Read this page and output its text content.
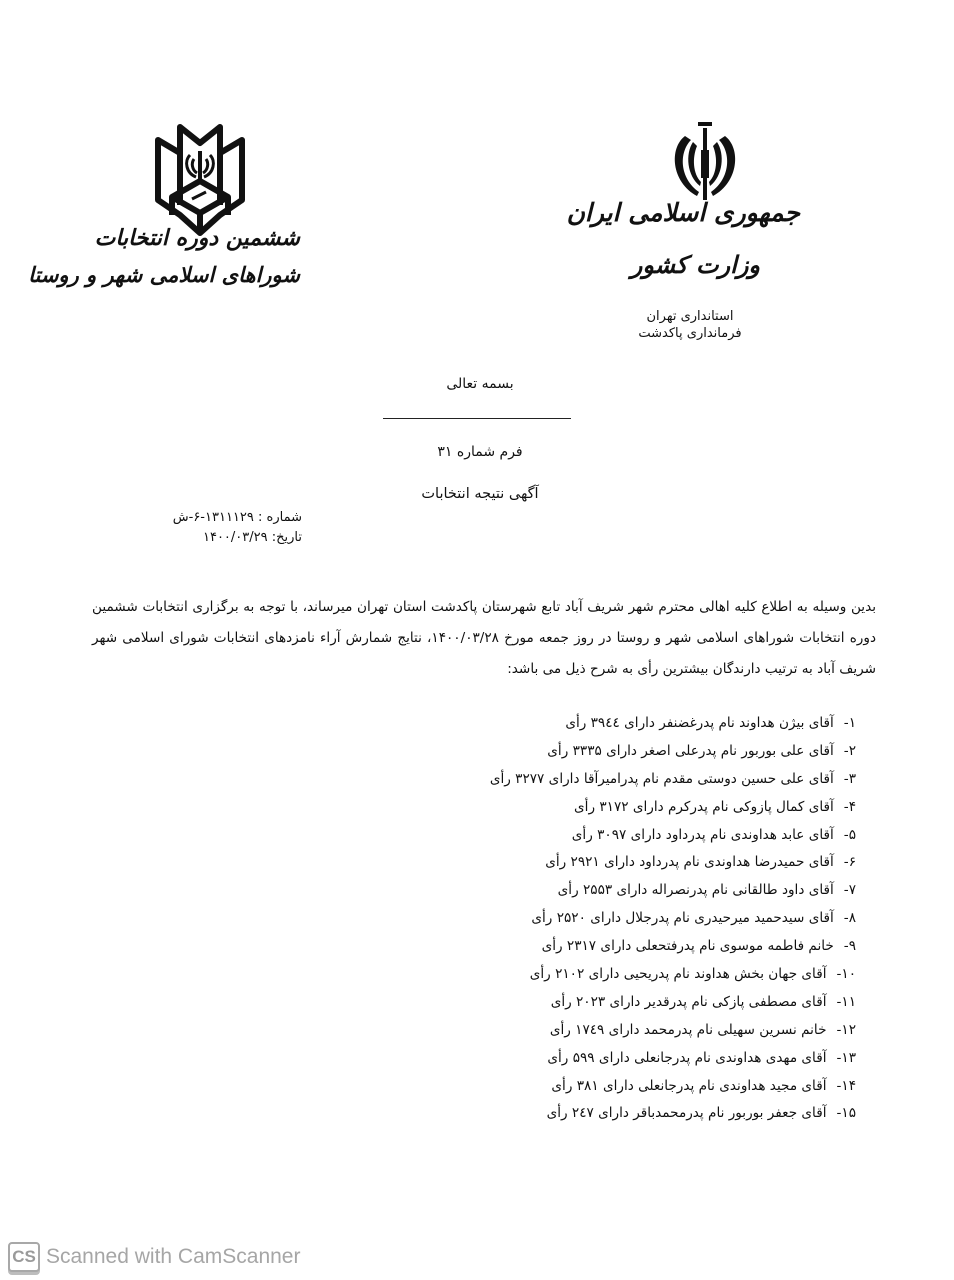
ششمین دوره انتخابات
شوراهای اسلامی شهر و روستا
جمهوری اسلامی ایران
وزارت کشور
استانداری تهران
فرمانداری پاکدشت
بسمه تعالی
فرم شماره ۳۱
آگهی نتیجه انتخابات
شماره : ۱۳۱۱۱۲۹-۶-ش
تاریخ: ۱۴۰۰/۰۳/۲۹
بدین وسیله به اطلاع کلیه اهالی محترم شهر شریف آباد تابع شهرستان پاکدشت استان تهران میرساند، با توجه به برگزاری انتخابات ششمین دوره انتخابات شوراهای اسلامی شهر و روستا در روز جمعه مورخ ۱۴۰۰/۰۳/۲۸، نتایج شمارش آراء نامزدهای انتخابات شورای اسلامی شهر شریف آباد به ترتیب دارندگان بیشترین رأی به شرح ذیل می باشد:
۱-آقای بیژن هداوند نام پدرغضنفر دارای ۳۹٤٤ رأی
۲-آقای علی بوربور نام پدرعلی اصغر دارای ۳۳۳۵ رأی
۳-آقای علی حسین دوستی مقدم نام پدرامیرآقا دارای ۳۲۷۷ رأی
۴-آقای کمال پازوکی نام پدرکرم دارای ۳۱۷۲ رأی
۵-آقای عابد هداوندی نام پدرداود دارای ۳۰۹۷ رأی
۶-آقای حمیدرضا هداوندی نام پدرداود دارای ۲۹۲۱ رأی
۷-آقای داود طالقانی نام پدرنصراله دارای ۲۵۵۳ رأی
۸-آقای سیدحمید میرحیدری نام پدرجلال دارای ۲۵۲۰ رأی
۹-خانم فاطمه موسوی نام پدرفتحعلی دارای ۲۳۱۷ رأی
۱۰-آقای جهان بخش هداوند نام پدریحیی دارای ۲۱۰۲ رأی
۱۱-آقای مصطفی پازکی نام پدرقدیر دارای ۲۰۲۳ رأی
۱۲-خانم نسرین سهیلی نام پدرمحمد دارای ۱۷٤۹ رأی
۱۳-آقای مهدی هداوندی نام پدرجانعلی دارای ۵۹۹ رأی
۱۴-آقای مجید هداوندی نام پدرجانعلی دارای ۳۸۱ رأی
۱۵-آقای جعفر بوربور نام پدرمحمدباقر دارای ۲٤۷ رأی
CS Scanned with CamScanner
